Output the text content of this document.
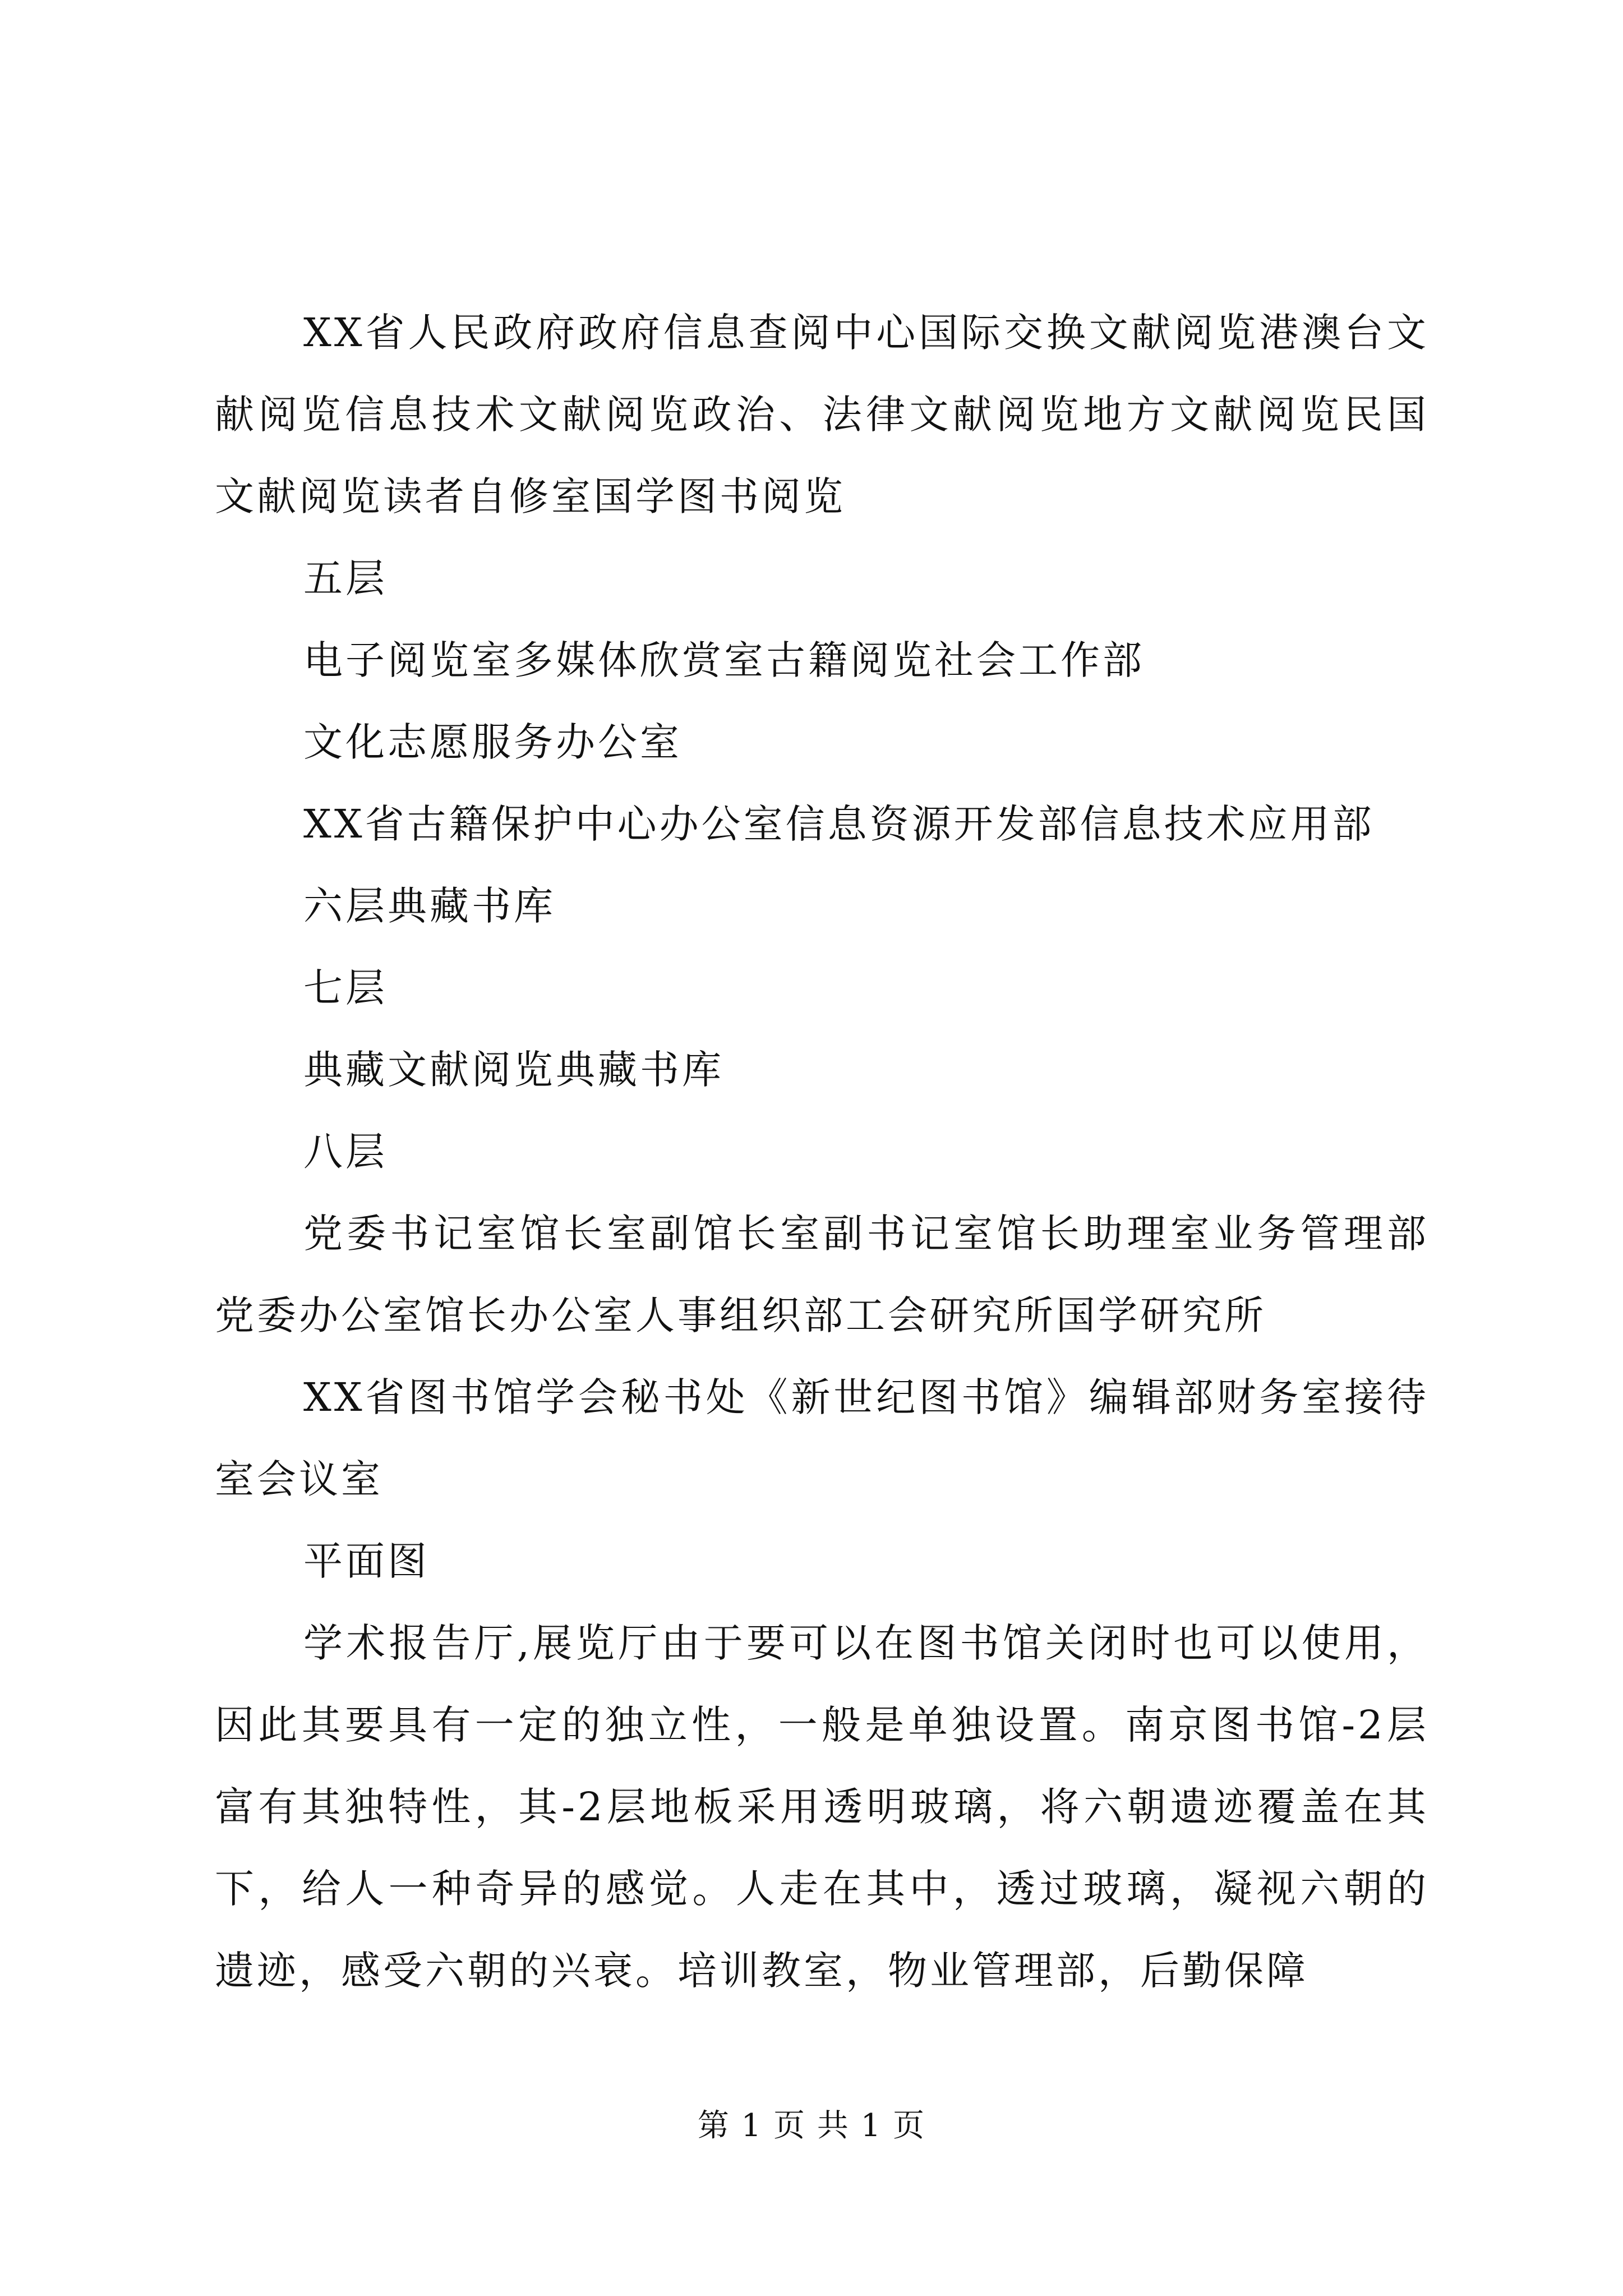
XX省人民政府政府信息查阅中心国际交换文献阅览港澳台文献阅览信息技术文献阅览政治、法律文献阅览地方文献阅览民国文献阅览读者自修室国学图书阅览

五层

电子阅览室多媒体欣赏室古籍阅览社会工作部

文化志愿服务办公室

XX省古籍保护中心办公室信息资源开发部信息技术应用部

六层典藏书库

七层

典藏文献阅览典藏书库

八层

党委书记室馆长室副馆长室副书记室馆长助理室业务管理部党委办公室馆长办公室人事组织部工会研究所国学研究所

XX省图书馆学会秘书处《新世纪图书馆》编辑部财务室接待室会议室

平面图

学术报告厅,展览厅由于要可以在图书馆关闭时也可以使用，因此其要具有一定的独立性，一般是单独设置。南京图书馆-2层富有其独特性，其-2层地板采用透明玻璃，将六朝遗迹覆盖在其下，给人一种奇异的感觉。人走在其中，透过玻璃，凝视六朝的遗迹，感受六朝的兴衰。培训教室，物业管理部，后勤保障

第 1 页 共 1 页
